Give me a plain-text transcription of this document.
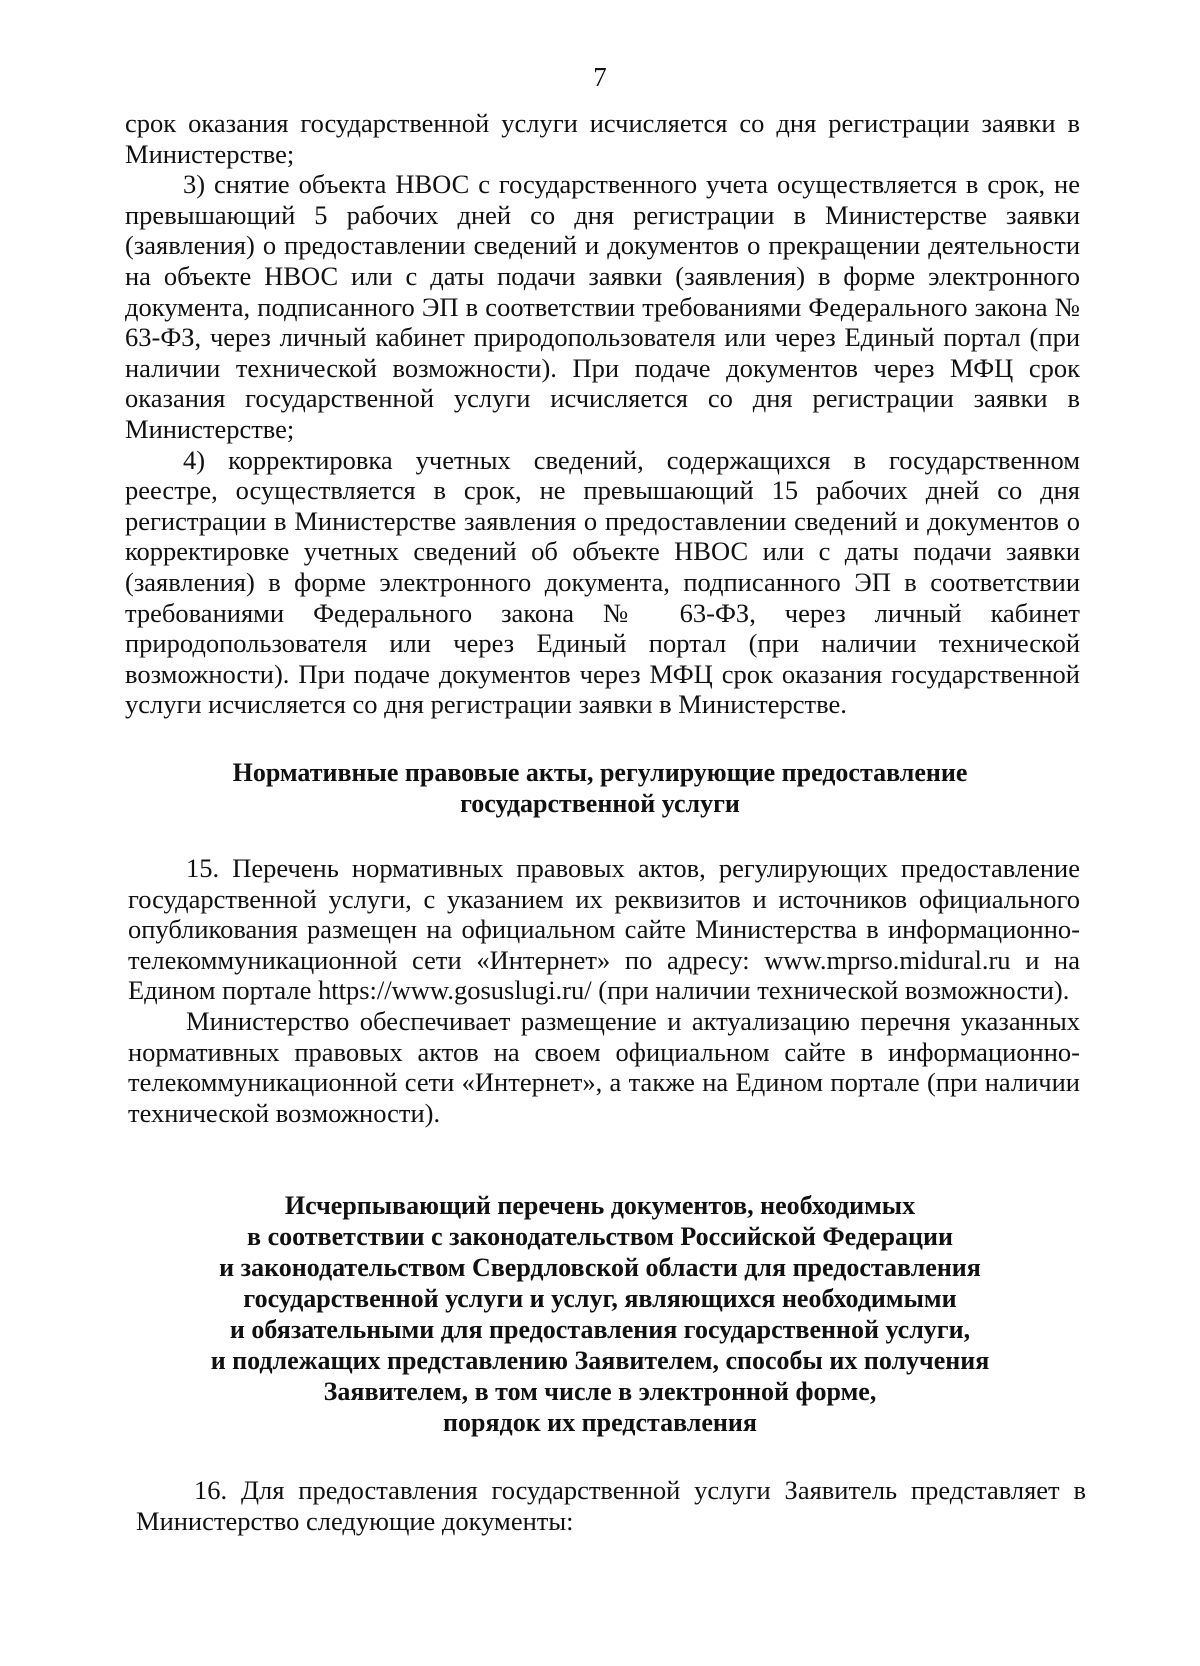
7

срок оказания государственной услуги исчисляется со дня регистрации заявки в Министерстве;

3) снятие объекта НВОС с государственного учета осуществляется в срок, не превышающий 5 рабочих дней со дня регистрации в Министерстве заявки (заявления) о предоставлении сведений и документов о прекращении деятельности на объекте НВОС или с даты подачи заявки (заявления) в форме электронного документа, подписанного ЭП в соответствии требованиями Федерального закона № 63-ФЗ, через личный кабинет природопользователя или через Единый портал (при наличии технической возможности). При подаче документов через МФЦ срок оказания государственной услуги исчисляется со дня регистрации заявки в Министерстве;

4) корректировка учетных сведений, содержащихся в государственном реестре, осуществляется в срок, не превышающий 15 рабочих дней со дня регистрации в Министерстве заявления о предоставлении сведений и документов о корректировке учетных сведений об объекте НВОС или с даты подачи заявки (заявления) в форме электронного документа, подписанного ЭП в соответствии требованиями Федерального закона № 63-ФЗ, через личный кабинет природопользователя или через Единый портал (при наличии технической возможности). При подаче документов через МФЦ срок оказания государственной услуги исчисляется со дня регистрации заявки в Министерстве.

Нормативные правовые акты, регулирующие предоставление
государственной услуги

15. Перечень нормативных правовых актов, регулирующих предоставление государственной услуги, с указанием их реквизитов и источников официального опубликования размещен на официальном сайте Министерства в информационно-телекоммуникационной сети «Интернет» по адресу: www.mprso.midural.ru и на Едином портале https://www.gosuslugi.ru/ (при наличии технической возможности).

Министерство обеспечивает размещение и актуализацию перечня указанных нормативных правовых актов на своем официальном сайте в информационно-телекоммуникационной сети «Интернет», а также на Едином портале (при наличии технической возможности).

Исчерпывающий перечень документов, необходимых
в соответствии с законодательством Российской Федерации
и законодательством Свердловской области для предоставления
государственной услуги и услуг, являющихся необходимыми
и обязательными для предоставления государственной услуги,
и подлежащих представлению Заявителем, способы их получения
Заявителем, в том числе в электронной форме,
порядок их представления

16. Для предоставления государственной услуги Заявитель представляет в Министерство следующие документы:
